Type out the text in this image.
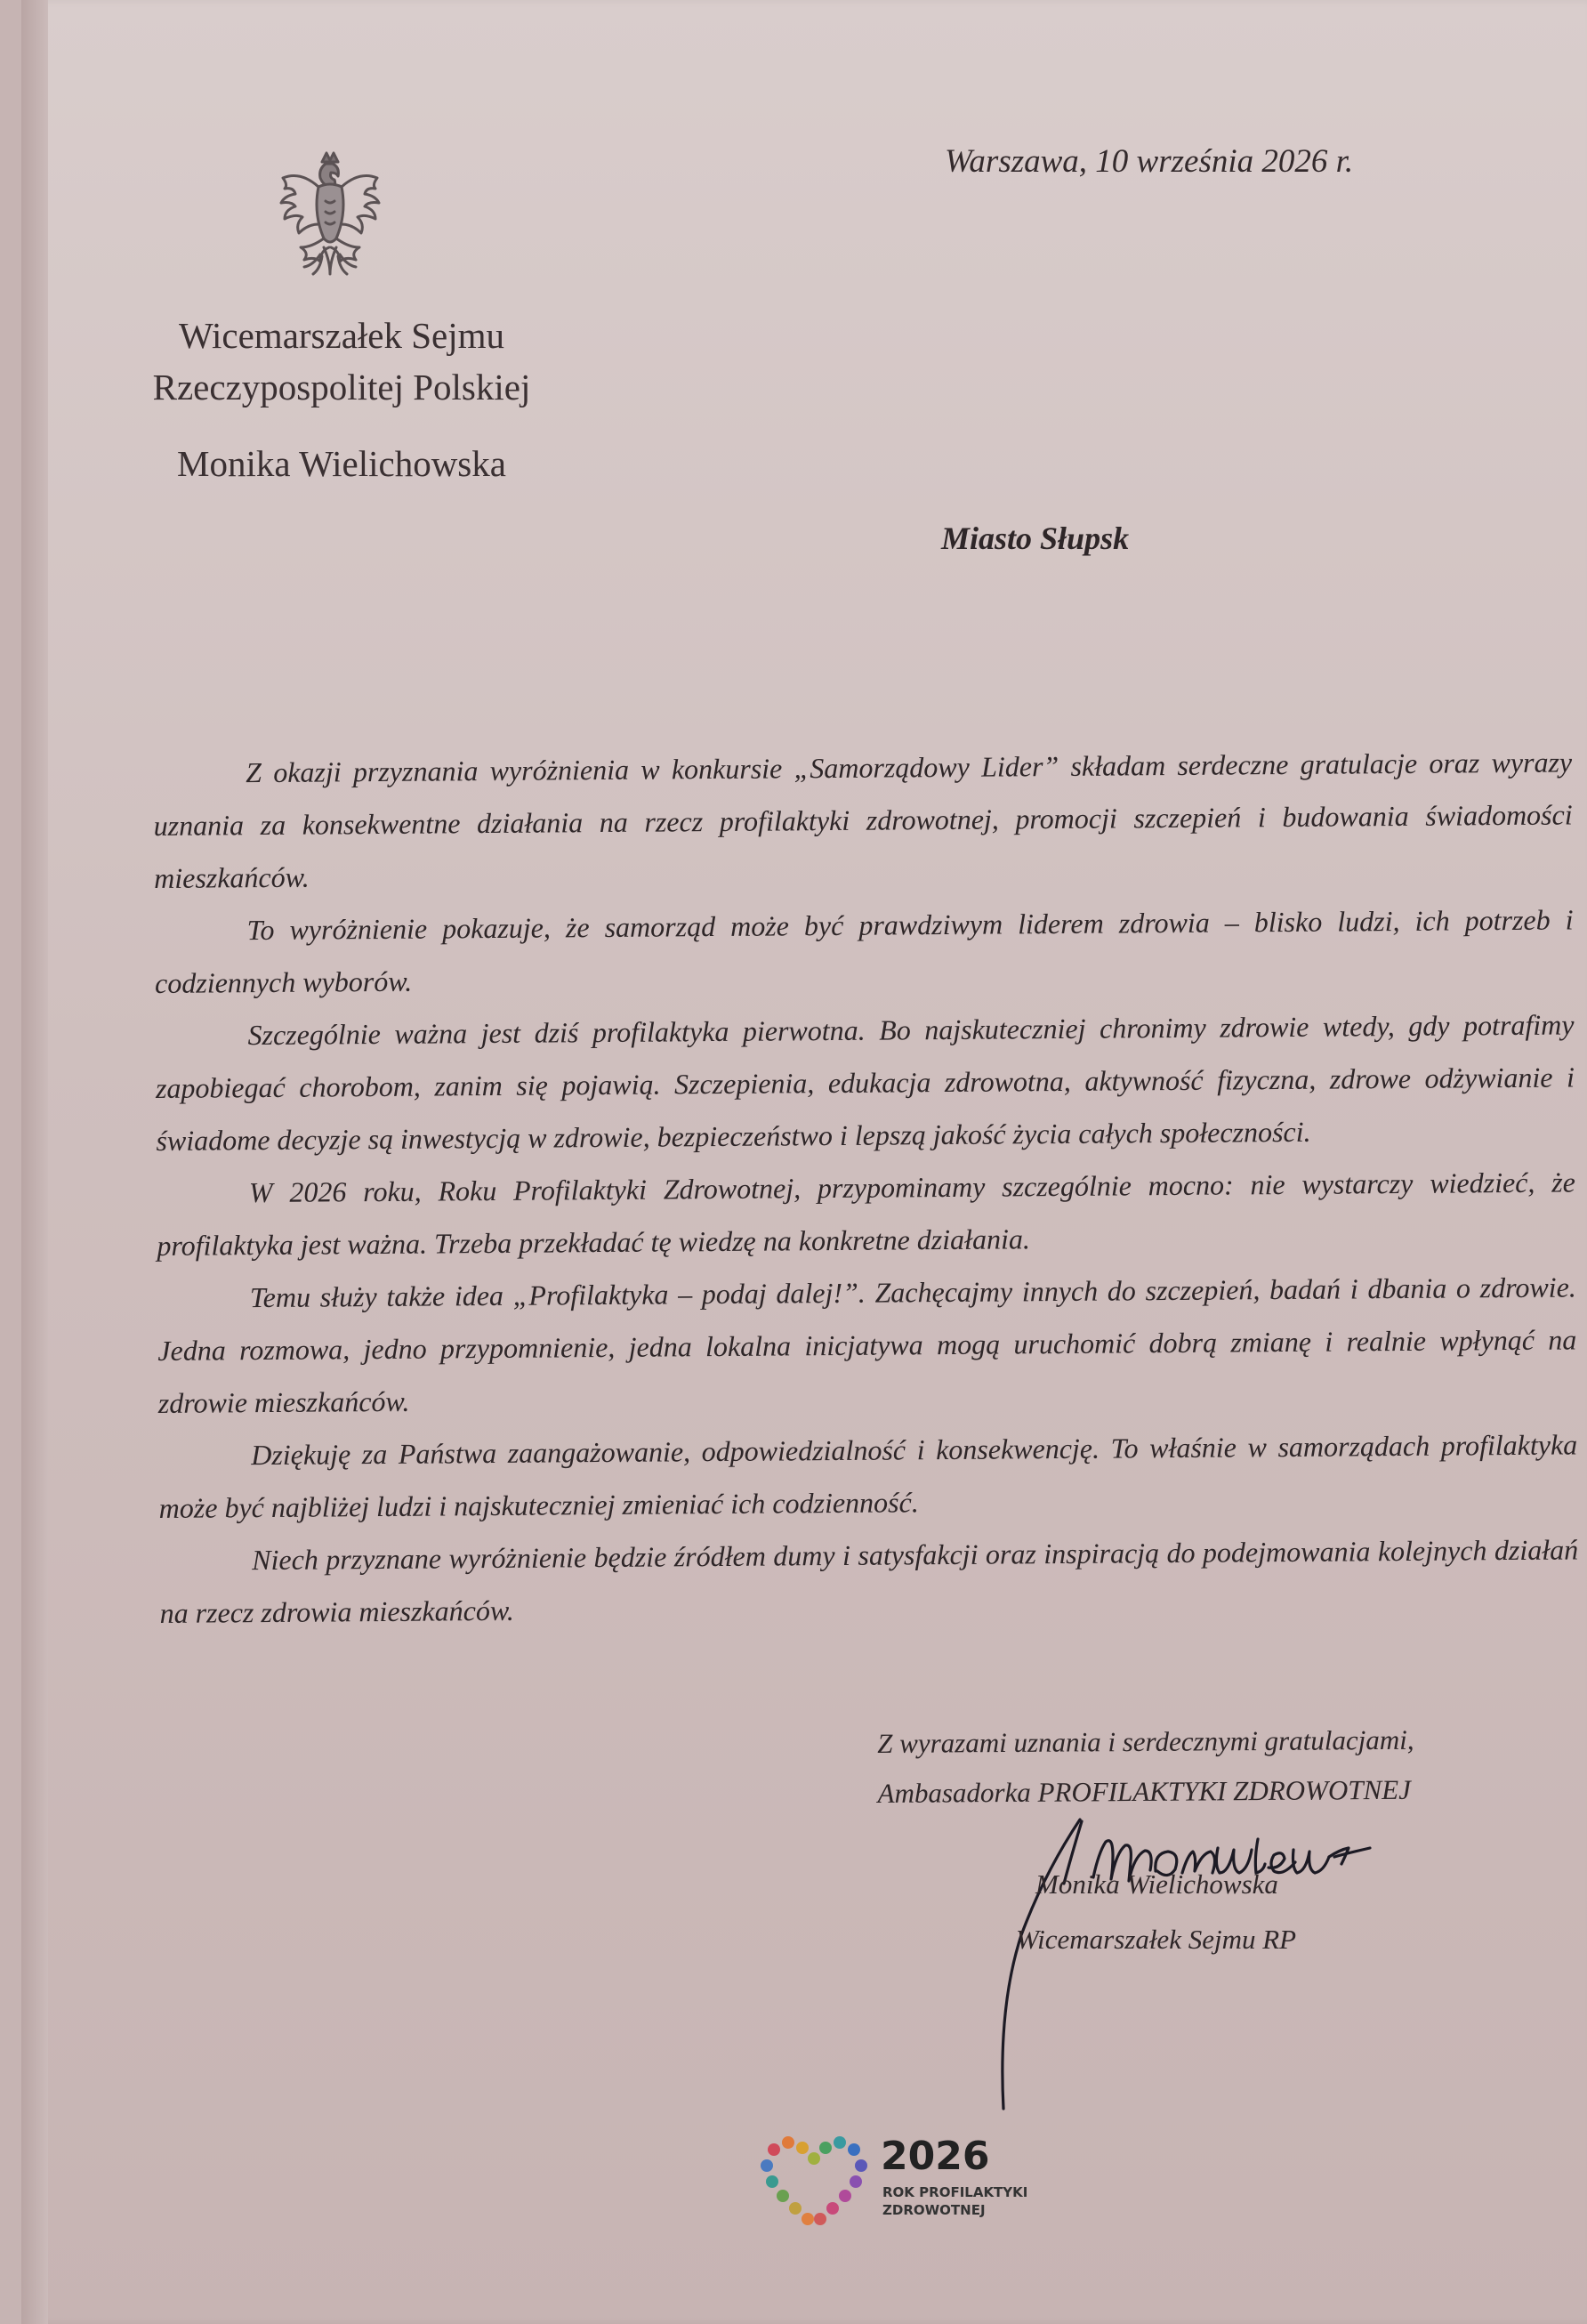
Wicemarszałek Sejmu
Rzeczypospolitej Polskiej
Monika Wielichowska
Warszawa, 10 września 2026 r.
Miasto Słupsk

Z okazji przyznania wyróżnienia w konkursie „Samorządowy Lider” składam serdeczne gratulacje oraz wyrazy uznania za konsekwentne działania na rzecz profilaktyki zdrowotnej, promocji szczepień i budowania świadomości mieszkańców.

To wyróżnienie pokazuje, że samorząd może być prawdziwym liderem zdrowia – blisko ludzi, ich potrzeb i codziennych wyborów.

Szczególnie ważna jest dziś profilaktyka pierwotna. Bo najskuteczniej chronimy zdrowie wtedy, gdy potrafimy zapobiegać chorobom, zanim się pojawią. Szczepienia, edukacja zdrowotna, aktywność fizyczna, zdrowe odżywianie i świadome decyzje są inwestycją w zdrowie, bezpieczeństwo i lepszą jakość życia całych społeczności.

W 2026 roku, Roku Profilaktyki Zdrowotnej, przypominamy szczególnie mocno: nie wystarczy wiedzieć, że profilaktyka jest ważna. Trzeba przekładać tę wiedzę na konkretne działania.

Temu służy także idea „Profilaktyka – podaj dalej!”. Zachęcajmy innych do szczepień, badań i dbania o zdrowie. Jedna rozmowa, jedno przypomnienie, jedna lokalna inicjatywa mogą uruchomić dobrą zmianę i realnie wpłynąć na zdrowie mieszkańców.

Dziękuję za Państwa zaangażowanie, odpowiedzialność i konsekwencję. To właśnie w samorządach profilaktyka może być najbliżej ludzi i najskuteczniej zmieniać ich codzienność.

Niech przyznane wyróżnienie będzie źródłem dumy i satysfakcji oraz inspiracją do podejmowania kolejnych działań na rzecz zdrowia mieszkańców.

Z wyrazami uznania i serdecznymi gratulacjami,
Ambasadorka PROFILAKTYKI ZDROWOTNEJ
Monika Wielichowska
Wicemarszałek Sejmu RP
2026
ROK PROFILAKTYKI
ZDROWOTNEJ
